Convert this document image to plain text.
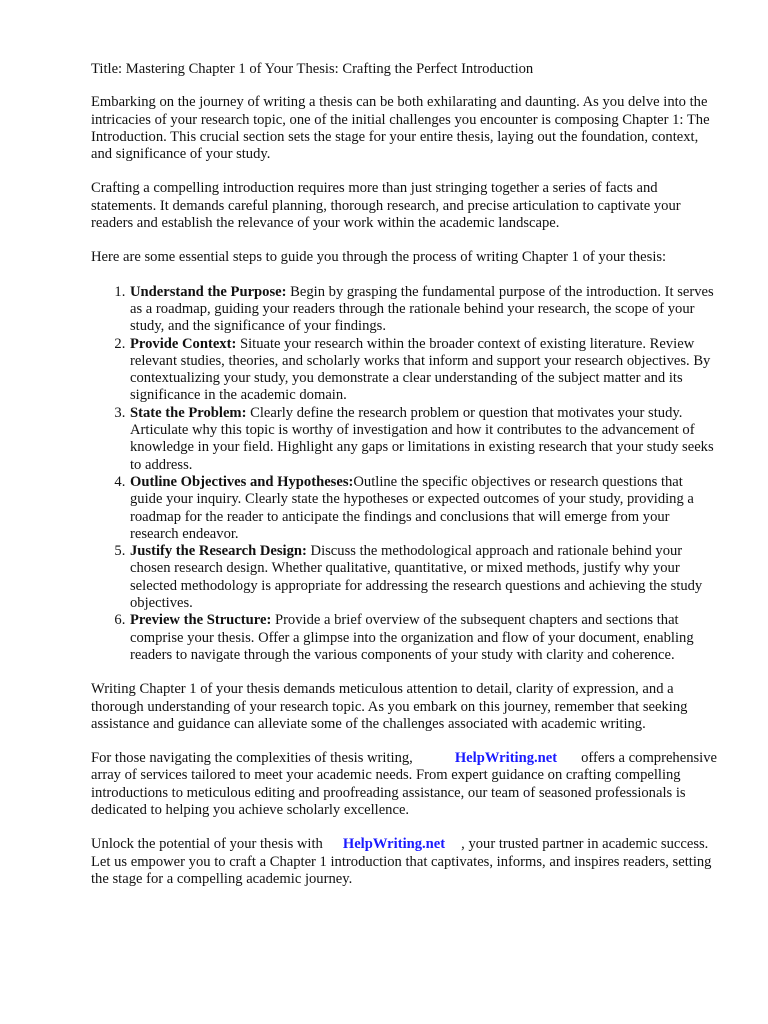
Title: Mastering Chapter 1 of Your Thesis: Crafting the Perfect Introduction

Embarking on the journey of writing a thesis can be both exhilarating and daunting. As you delve into the intricacies of your research topic, one of the initial challenges you encounter is composing Chapter 1: The Introduction. This crucial section sets the stage for your entire thesis, laying out the foundation, context, and significance of your study.

Crafting a compelling introduction requires more than just stringing together a series of facts and statements. It demands careful planning, thorough research, and precise articulation to captivate your readers and establish the relevance of your work within the academic landscape.

Here are some essential steps to guide you through the process of writing Chapter 1 of your thesis:

1. Understand the Purpose: Begin by grasping the fundamental purpose of the introduction. It serves as a roadmap, guiding your readers through the rationale behind your research, the scope of your study, and the significance of your findings.
2. Provide Context: Situate your research within the broader context of existing literature. Review relevant studies, theories, and scholarly works that inform and support your research objectives. By contextualizing your study, you demonstrate a clear understanding of the subject matter and its significance in the academic domain.
3. State the Problem: Clearly define the research problem or question that motivates your study. Articulate why this topic is worthy of investigation and how it contributes to the advancement of knowledge in your field. Highlight any gaps or limitations in existing research that your study seeks to address.
4. Outline Objectives and Hypotheses:Outline the specific objectives or research questions that guide your inquiry. Clearly state the hypotheses or expected outcomes of your study, providing a roadmap for the reader to anticipate the findings and conclusions that will emerge from your research endeavor.
5. Justify the Research Design: Discuss the methodological approach and rationale behind your chosen research design. Whether qualitative, quantitative, or mixed methods, justify why your selected methodology is appropriate for addressing the research questions and achieving the study objectives.
6. Preview the Structure: Provide a brief overview of the subsequent chapters and sections that comprise your thesis. Offer a glimpse into the organization and flow of your document, enabling readers to navigate through the various components of your study with clarity and coherence.

Writing Chapter 1 of your thesis demands meticulous attention to detail, clarity of expression, and a thorough understanding of your research topic. As you embark on this journey, remember that seeking assistance and guidance can alleviate some of the challenges associated with academic writing.

For those navigating the complexities of thesis writing,	HelpWriting.net offers a comprehensive array of services tailored to meet your academic needs. From expert guidance on crafting compelling introductions to meticulous editing and proofreading assistance, our team of seasoned professionals is dedicated to helping you achieve scholarly excellence.

Unlock the potential of your thesis with HelpWriting.net , your trusted partner in academic success. Let us empower you to craft a Chapter 1 introduction that captivates, informs, and inspires readers, setting the stage for a compelling academic journey.
